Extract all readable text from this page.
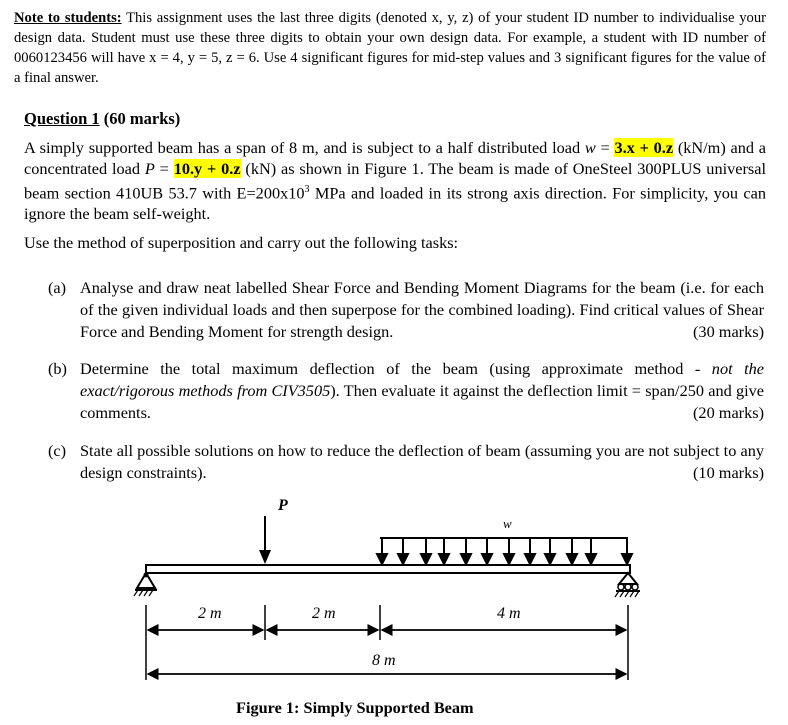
Note to students: This assignment uses the last three digits (denoted x, y, z) of your student ID number to individualise your design data. Student must use these three digits to obtain your own design data. For example, a student with ID number of 0060123456 will have x = 4, y = 5, z = 6. Use 4 significant figures for mid-step values and 3 significant figures for the value of a final answer.
Question 1 (60 marks)
A simply supported beam has a span of 8 m, and is subject to a half distributed load w = 3.x + 0.z (kN/m) and a concentrated load P = 10.y + 0.z (kN) as shown in Figure 1. The beam is made of OneSteel 300PLUS universal beam section 410UB 53.7 with $E=200x10^3$ MPa and loaded in its strong axis direction. For simplicity, you can ignore the beam self-weight.
Use the method of superposition and carry out the following tasks:
(a) Analyse and draw neat labelled Shear Force and Bending Moment Diagrams for the beam (i.e. for each of the given individual loads and then superpose for the combined loading). Find critical values of Shear Force and Bending Moment for strength design.	(30 marks)
(b) Determine the total maximum deflection of the beam (using approximate method - not the exact/rigorous methods from CIV3505). Then evaluate it against the deflection limit = span/250 and give comments.	(20 marks)
(c) State all possible solutions on how to reduce the deflection of beam (assuming you are not subject to any design constraints).	(10 marks)
P
w
2 m	2 m	4 m
8 m
Figure 1: Simply Supported Beam
